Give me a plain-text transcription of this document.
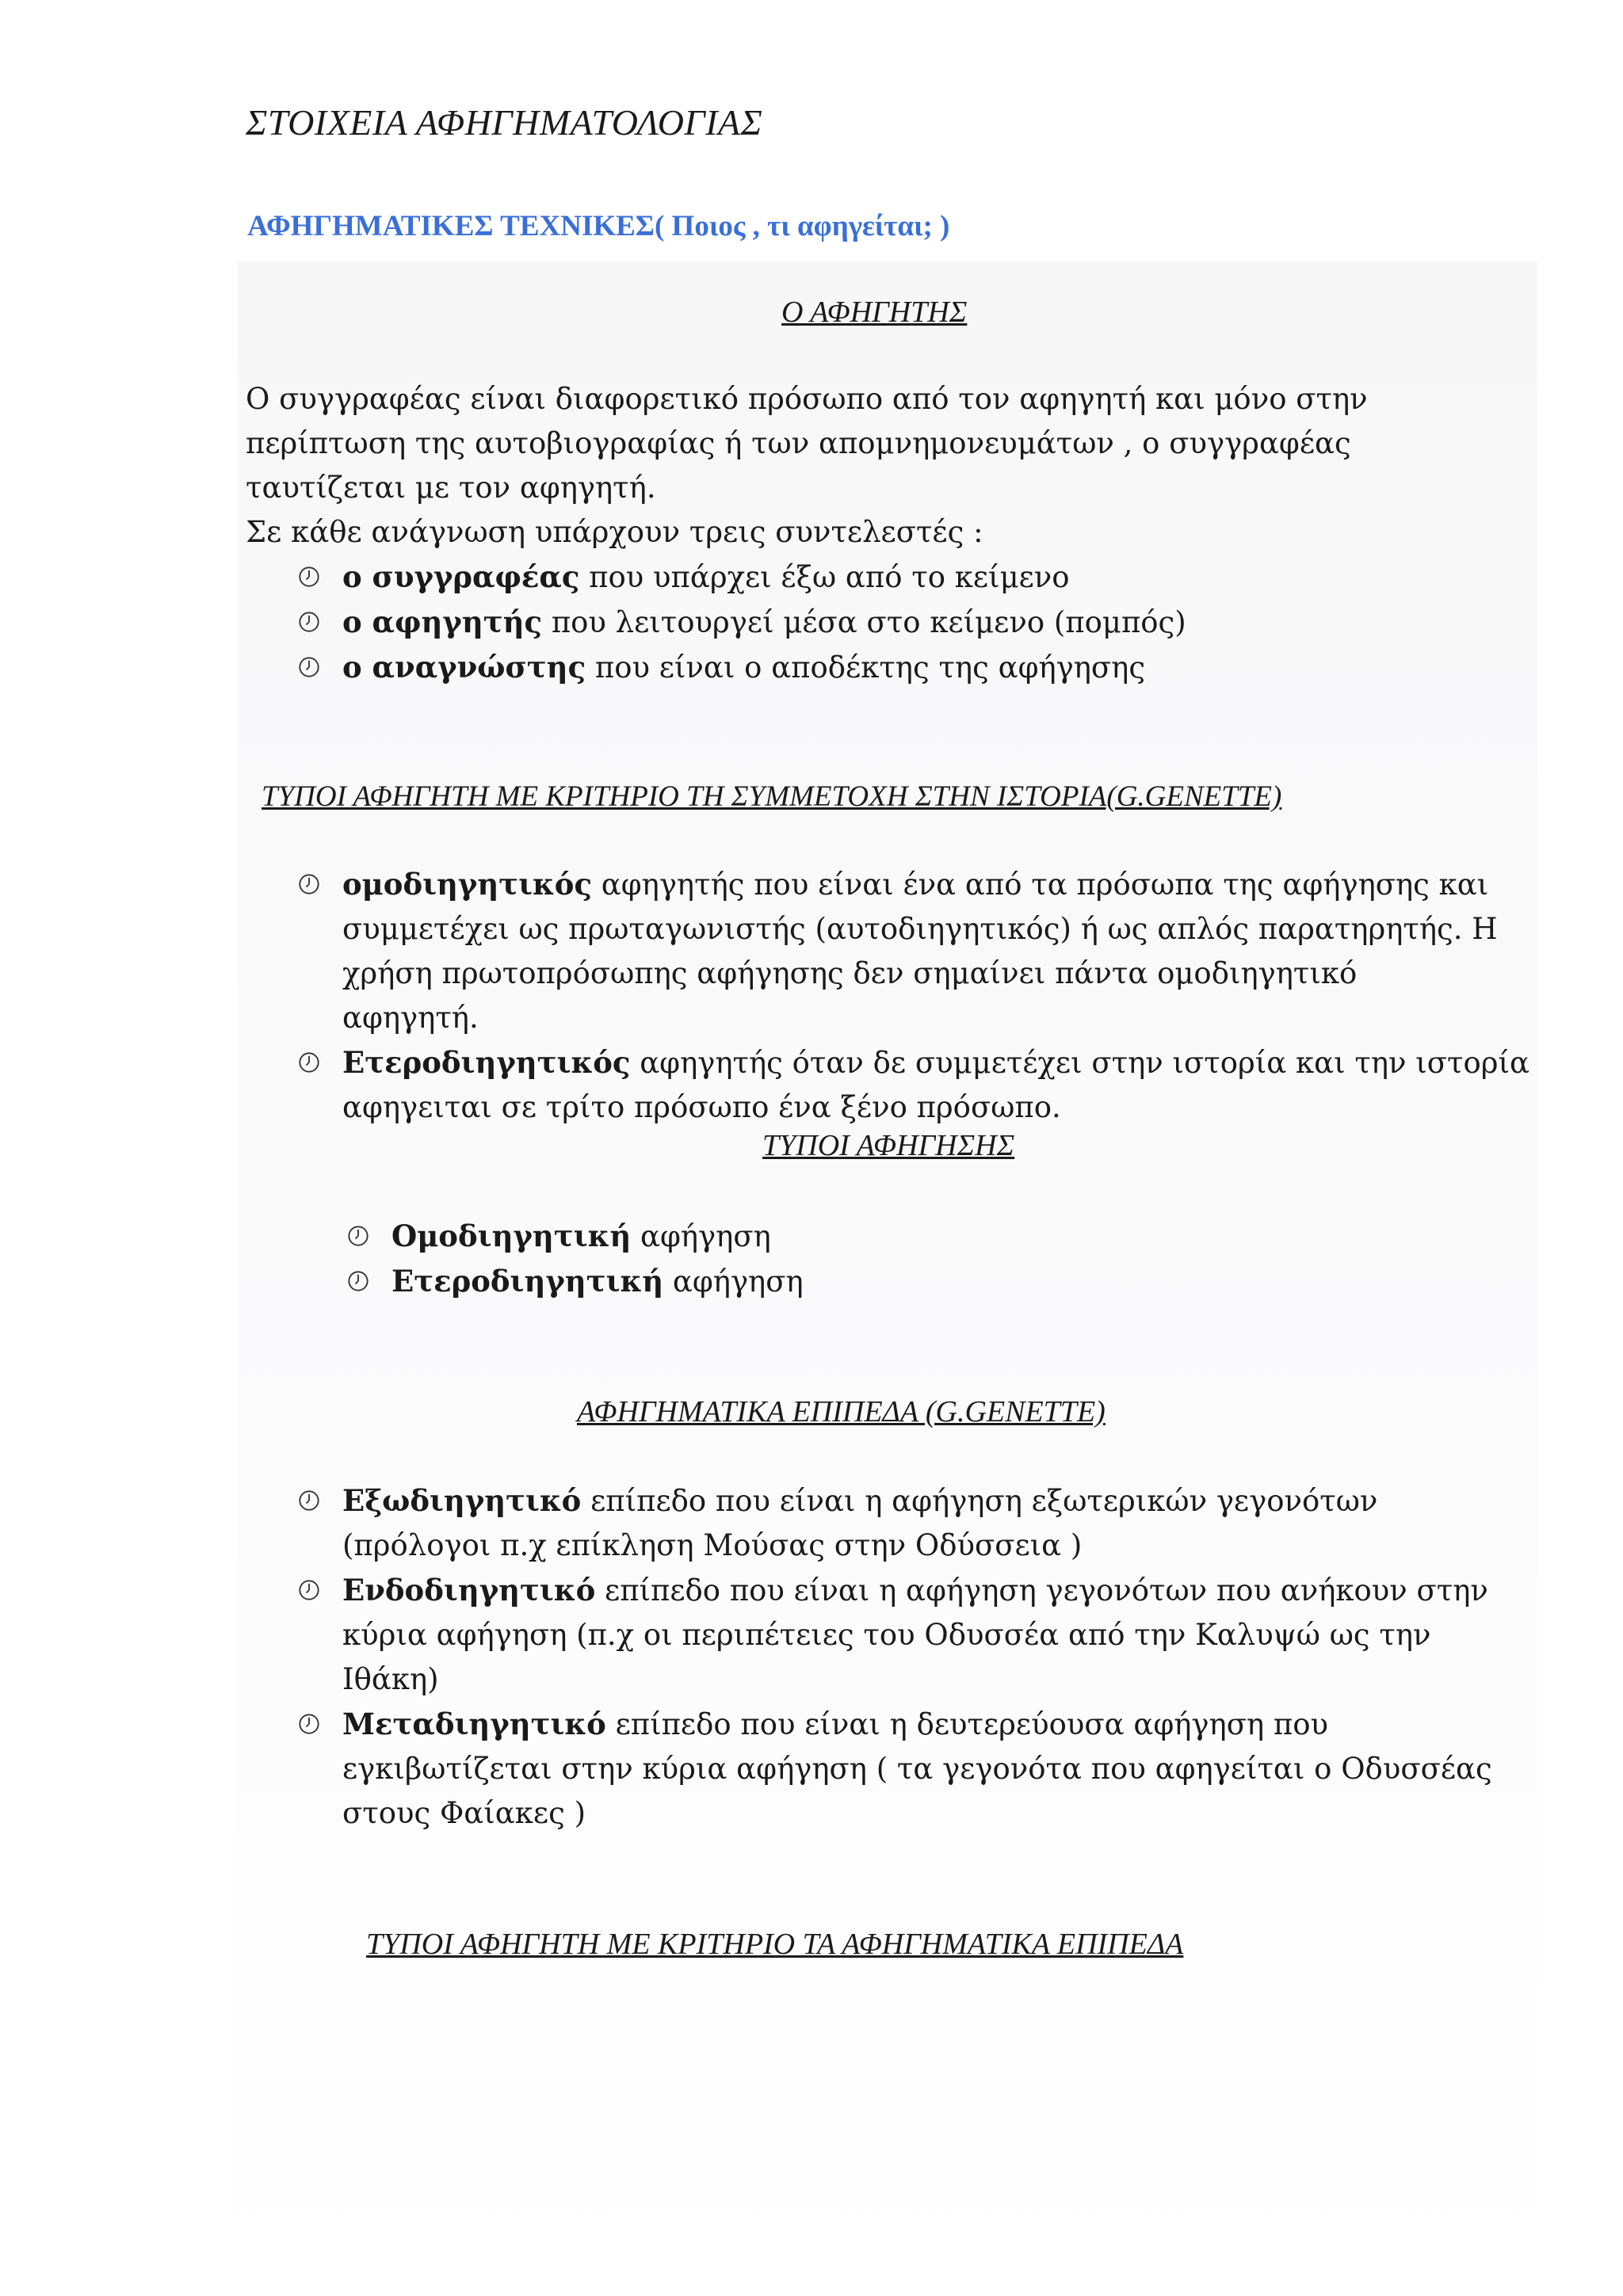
ΣΤΟΙΧΕΙΑ ΑΦΗΓΗΜΑΤΟΛΟΓΙΑΣ
ΑΦΗΓΗΜΑΤΙΚΕΣ ΤΕΧΝΙΚΕΣ( Ποιος , τι αφηγείται; )
Ο ΑΦΗΓΗΤΗΣ
Ο συγγραφέας είναι διαφορετικό πρόσωπο από τον αφηγητή και μόνο στην
περίπτωση της αυτοβιογραφίας ή των απομνημονευμάτων , ο συγγραφέας
ταυτίζεται με τον αφηγητή.
Σε κάθε ανάγνωση υπάρχουν τρεις συντελεστές :
ο συγγραφέας που υπάρχει έξω από το κείμενο
ο αφηγητής που λειτουργεί μέσα στο κείμενο (πομπός)
ο αναγνώστης που είναι ο αποδέκτης της αφήγησης
ΤΥΠΟΙ ΑΦΗΓΗΤΗ ΜΕ ΚΡΙΤΗΡΙΟ ΤΗ ΣΥΜΜΕΤΟΧΗ ΣΤΗΝ ΙΣΤΟΡΙΑ(G.GENETTE)
ομοδιηγητικός αφηγητής που είναι ένα από τα πρόσωπα της αφήγησης και
συμμετέχει ως πρωταγωνιστής (αυτοδιηγητικός) ή ως απλός παρατηρητής. Η
χρήση πρωτοπρόσωπης αφήγησης δεν σημαίνει πάντα ομοδιηγητικό
αφηγητή.
Ετεροδιηγητικός αφηγητής όταν δε συμμετέχει στην ιστορία και την ιστορία
αφηγειται σε τρίτο πρόσωπο ένα ξένο πρόσωπο.
ΤΥΠΟΙ ΑΦΗΓΗΣΗΣ
Ομοδιηγητική αφήγηση
Ετεροδιηγητική αφήγηση
ΑΦΗΓΗΜΑΤΙΚΑ ΕΠΙΠΕΔΑ (G.GENETTE)
Εξωδιηγητικό επίπεδο που είναι η αφήγηση εξωτερικών γεγονότων
(πρόλογοι π.χ επίκληση Μούσας στην Οδύσσεια )
Ενδοδιηγητικό επίπεδο που είναι η αφήγηση γεγονότων που ανήκουν στην
κύρια αφήγηση (π.χ οι περιπέτειες του Οδυσσέα από την Καλυψώ ως την
Ιθάκη)
Μεταδιηγητικό επίπεδο που είναι η δευτερεύουσα αφήγηση που
εγκιβωτίζεται στην κύρια αφήγηση ( τα γεγονότα που αφηγείται ο Οδυσσέας
στους Φαίακες )
ΤΥΠΟΙ ΑΦΗΓΗΤΗ ΜΕ ΚΡΙΤΗΡΙΟ ΤΑ ΑΦΗΓΗΜΑΤΙΚΑ ΕΠΙΠΕΔΑ
